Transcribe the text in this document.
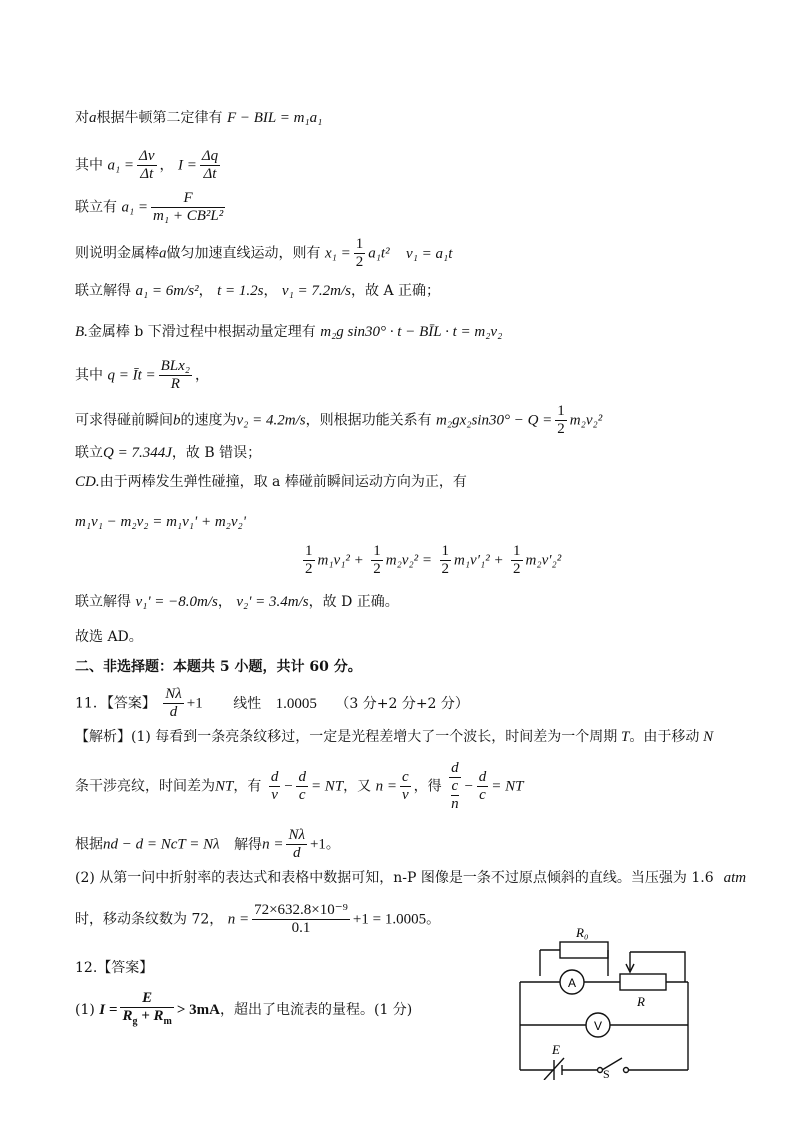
对a根据牛顿第二定律有 F − BIL = m₁a₁
其中 $a_1 = \frac{\Delta v}{\Delta t}$ ， $I = \frac{\Delta q}{\Delta t}$
联立有 $a_1 = \frac{F}{\text{m₁ + CB²L²}}$
则说明金属棒a做匀加速直线运动，则有 $x_1 = \frac{1}{2} a_1t^2$ v₁ = a₁t
联立解得 a₁ = 6m/s²， t = 1.2s， v₁ = 7.2m/s，故 A 正确；
B.金属棒 b 下滑过程中根据动量定理有 m₂g sin30° · t − BĪL · t = m₂v₂
其中 q = Īt = $\frac{\text{BLx₂}}{R}$ ，
可求得碰前瞬间b的速度为v₂ = 4.2m/s，则根据功能关系有 $m_2gx_2\sin 30^\circ - Q = \frac{1}{2} m_2v_2^2$
联立Q = 7.344J，故 B 错误；
CD.由于两棒发生弹性碰撞，取 a 棒碰前瞬间运动方向为正，有
m₁v₁ − m₂v₂ = m₁v₁' + m₂v₂'
$\frac{1}{2} m_1v_1^2 + \frac{1}{2} m_2v_2^2 = \frac{1}{2} m_1v'_1^2 + \frac{1}{2} m_2v'_2^2$
联立解得 v₁' = −8.0m/s， v₂' = 3.4m/s，故 D 正确。
故选 AD。
二、非选择题：本题共 5 小题，共计 60 分。
11．【答案】 $\frac{N\lambda}{d} +1$ 线性 1.0005 （3 分+2 分+2 分）
【解析】(1) 每看到一条亮条纹移过，一定是光程差增大了一个波长，时间差为一个周期 T。由于移动 N
条干涉亮纹，时间差为NT，有 $\frac{d}{v} - \frac{d}{c}$ = NT，又 $n = \frac{c}{v}$ ，得 d
c
$n - \frac{d}{c}$ = NT
根据nd − d = NcT = Nλ 解得$n = \frac{N\lambda}{d} +1$。
(2) 从第一问中折射率的表达式和表格中数据可知，n-P 图像是一条不过原点倾斜的直线。当压强为 1.6 atm
时，移动条纹数为 72， $n = \frac{\text{72×632.8×10⁻⁹}}{0.1} +1 = 1.0005$。
12.【答案】
(1) $I = \frac{E}{R_g + R_m} > 3mA$，超出了电流表的量程。(1 分)
A
V
R₀
R
E
S
